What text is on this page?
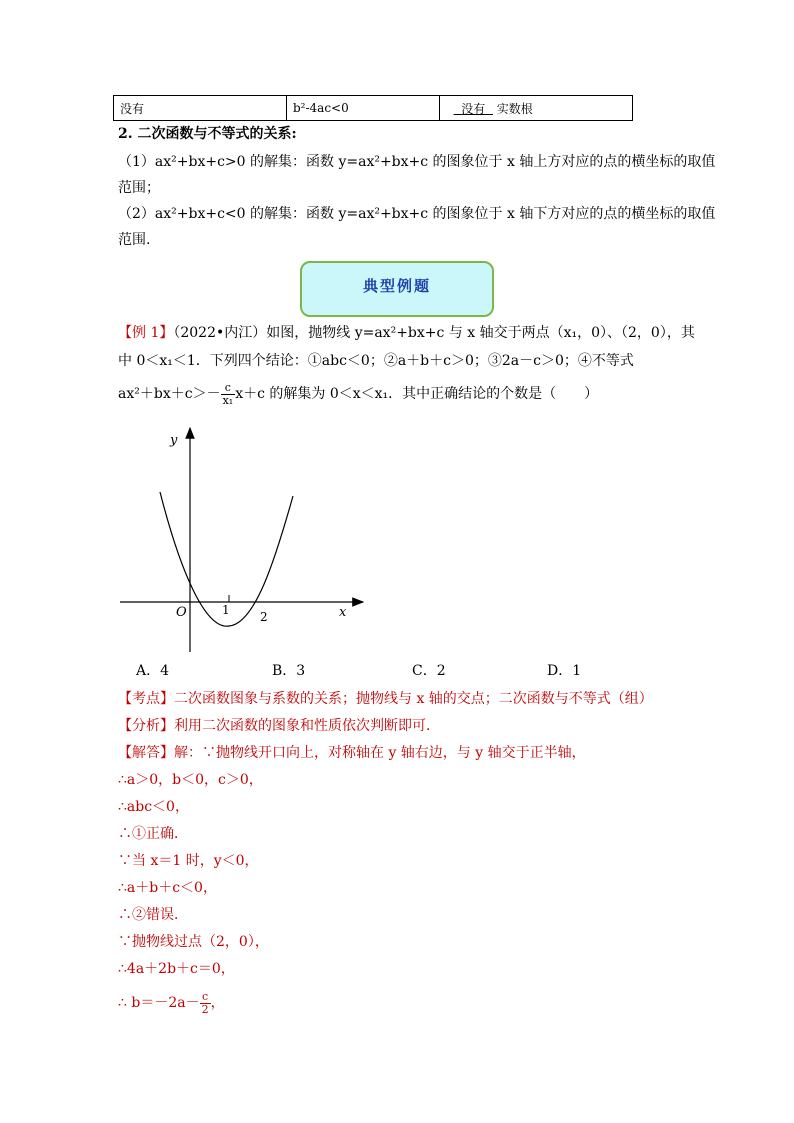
没有	b²-4ac<0	没有 实数根
2. 二次函数与不等式的关系:
（1）ax²+bx+c>0 的解集：函数 y=ax²+bx+c 的图象位于 x 轴上方对应的点的横坐标的取值
范围；
（2）ax²+bx+c<0 的解集：函数 y=ax²+bx+c 的图象位于 x 轴下方对应的点的横坐标的取值
范围.
典型例题
【例 1】（2022•内江）如图，抛物线 y=ax²+bx+c 与 x 轴交于两点（x₁，0）、（2，0），其
中 0＜x₁＜1．下列四个结论：①abc＜0；②a＋b＋c＞0；③2a－c＞0；④不等式
$ax^2+bx+c>- \frac{c}{\text{x₁}} x+c$ 的解集为 0＜x＜x₁．其中正确结论的个数是（　　）
y
x
O	1	2
A．4	B．3	C．2	D．1
【考点】二次函数图象与系数的关系；抛物线与 x 轴的交点；二次函数与不等式（组）
【分析】利用二次函数的图象和性质依次判断即可．
【解答】解：∵抛物线开口向上，对称轴在 y 轴右边，与 y 轴交于正半轴，
∴a＞0，b＜0，c＞0，
∴abc＜0，
∴①正确．
∵当 x＝1 时，y＜0，
∴a＋b＋c＜0，
∴②错误．
∵抛物线过点（2，0），
∴4a＋2b＋c＝0，
∴ $b=-2a- \frac{c}{2}$ ，
